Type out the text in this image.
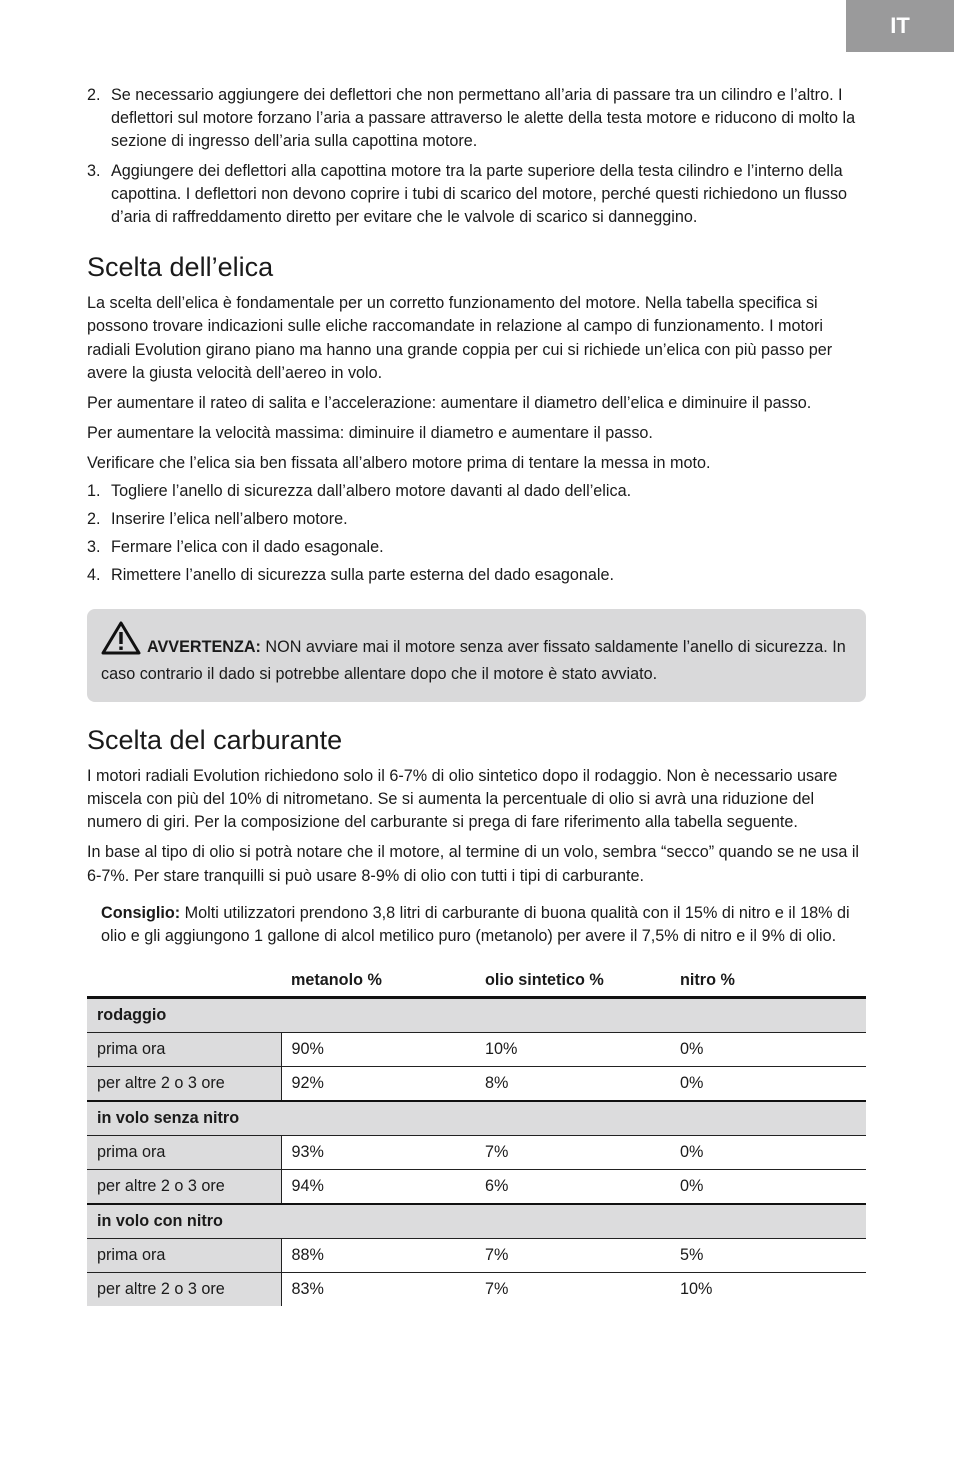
IT
2. Se necessario aggiungere dei deflettori che non permettano all’aria di passare tra un cilindro e l’altro. I deflettori sul motore forzano l’aria a passare attraverso le alette della testa motore e riducono di molto la sezione di ingresso dell’aria sulla capottina motore.
3. Aggiungere dei deflettori alla capottina motore tra la parte superiore della testa cilindro e l’interno della capottina. I deflettori non devono coprire i tubi di scarico del motore, perché questi richiedono un flusso d’aria di raffreddamento diretto per evitare che le valvole di scarico si danneggino.
Scelta dell’elica

La scelta dell’elica è fondamentale per un corretto funzionamento del motore. Nella tabella specifica si possono trovare indicazioni sulle eliche raccomandate in relazione al campo di funzionamento. I motori radiali Evolution girano piano ma hanno una grande coppia per cui si richiede un’elica con più passo per avere la giusta velocità dell’aereo in volo.

Per aumentare il rateo di salita e l’accelerazione: aumentare il diametro dell’elica e diminuire il passo.

Per aumentare la velocità massima: diminuire il diametro e aumentare il passo.

Verificare che l’elica sia ben fissata all’albero motore prima di tentare la messa in moto.

1. Togliere l’anello di sicurezza dall’albero motore davanti al dado dell’elica.
2. Inserire l’elica nell’albero motore.
3. Fermare l’elica con il dado esagonale.
4. Rimettere l’anello di sicurezza sulla parte esterna del dado esagonale.
AVVERTENZA: NON avviare mai il motore senza aver fissato saldamente l’anello di sicurezza. In caso contrario il dado si potrebbe allentare dopo che il motore è stato avviato.
Scelta del carburante

I motori radiali Evolution richiedono solo il 6-7% di olio sintetico dopo il rodaggio. Non è necessario usare miscela con più del 10% di nitrometano. Se si aumenta la percentuale di olio si avrà una riduzione del numero di giri. Per la composizione del carburante si prega di fare riferimento alla tabella seguente.

In base al tipo di olio si potrà notare che il motore, al termine di un volo, sembra “secco” quando se ne usa il 6-7%. Per stare tranquilli si può usare 8-9% di olio con tutti i tipi di carburante.

Consiglio: Molti utilizzatori prendono 3,8 litri di carburante di buona qualità con il 15% di nitro e il 18% di olio e gli aggiungono 1 gallone di alcol metilico puro (metanolo) per avere il 7,5% di nitro e il 9% di olio.
	metanolo %	olio sintetico %	nitro %
rodaggio			
prima ora	90%	10%	0%
per altre 2 o 3 ore	92%	8%	0%
in volo senza nitro			
prima ora	93%	7%	0%
per altre 2 o 3 ore	94%	6%	0%
in volo con nitro			
prima ora	88%	7%	5%
per altre 2 o 3 ore	83%	7%	10%
